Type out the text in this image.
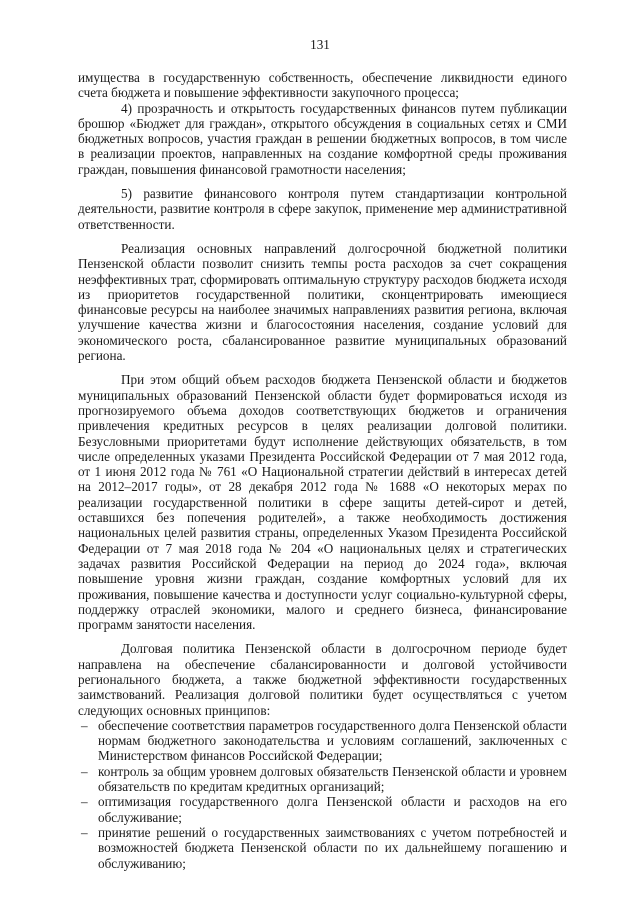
131

имущества в государственную собственность, обеспечение ликвидности единого счета бюджета и повышение эффективности закупочного процесса;

4) прозрачность и открытость государственных финансов путем публикации брошюр «Бюджет для граждан», открытого обсуждения в социальных сетях и СМИ бюджетных вопросов, участия граждан в решении бюджетных вопросов, в том числе в реализации проектов, направленных на создание комфортной среды проживания граждан, повышения финансовой грамотности населения;

5) развитие финансового контроля путем стандартизации контрольной деятельности, развитие контроля в сфере закупок, применение мер административной ответственности.

Реализация основных направлений долгосрочной бюджетной политики Пензенской области позволит снизить темпы роста расходов за счет сокращения неэффективных трат, сформировать оптимальную структуру расходов бюджета исходя из приоритетов государственной политики, сконцентрировать имеющиеся финансовые ресурсы на наиболее значимых направлениях развития региона, включая улучшение качества жизни и благосостояния населения, создание условий для экономического роста, сбалансированное развитие муниципальных образований региона.

При этом общий объем расходов бюджета Пензенской области и бюджетов муниципальных образований Пензенской области будет формироваться исходя из прогнозируемого объема доходов соответствующих бюджетов и ограничения привлечения кредитных ресурсов в целях реализации долговой политики. Безусловными приоритетами будут исполнение действующих обязательств, в том числе определенных указами Президента Российской Федерации от 7 мая 2012 года, от 1 июня 2012 года № 761 «О Национальной стратегии действий в интересах детей на 2012–2017 годы», от 28 декабря 2012 года № 1688 «О некоторых мерах по реализации государственной политики в сфере защиты детей-сирот и детей, оставшихся без попечения родителей», а также необходимость достижения национальных целей развития страны, определенных Указом Президента Российской Федерации от 7 мая 2018 года № 204 «О национальных целях и стратегических задачах развития Российской Федерации на период до 2024 года», включая повышение уровня жизни граждан, создание комфортных условий для их проживания, повышение качества и доступности услуг социально-культурной сферы, поддержку отраслей экономики, малого и среднего бизнеса, финансирование программ занятости населения.

Долговая политика Пензенской области в долгосрочном периоде будет направлена на обеспечение сбалансированности и долговой устойчивости регионального бюджета, а также бюджетной эффективности государственных заимствований. Реализация долговой политики будет осуществляться с учетом следующих основных принципов:

– обеспечение соответствия параметров государственного долга Пензенской области нормам бюджетного законодательства и условиям соглашений, заключенных с Министерством финансов Российской Федерации;
– контроль за общим уровнем долговых обязательств Пензенской области и уровнем обязательств по кредитам кредитных организаций;
– оптимизация государственного долга Пензенской области и расходов на его обслуживание;
– принятие решений о государственных заимствованиях с учетом потребностей и возможностей бюджета Пензенской области по их дальнейшему погашению и обслуживанию;
